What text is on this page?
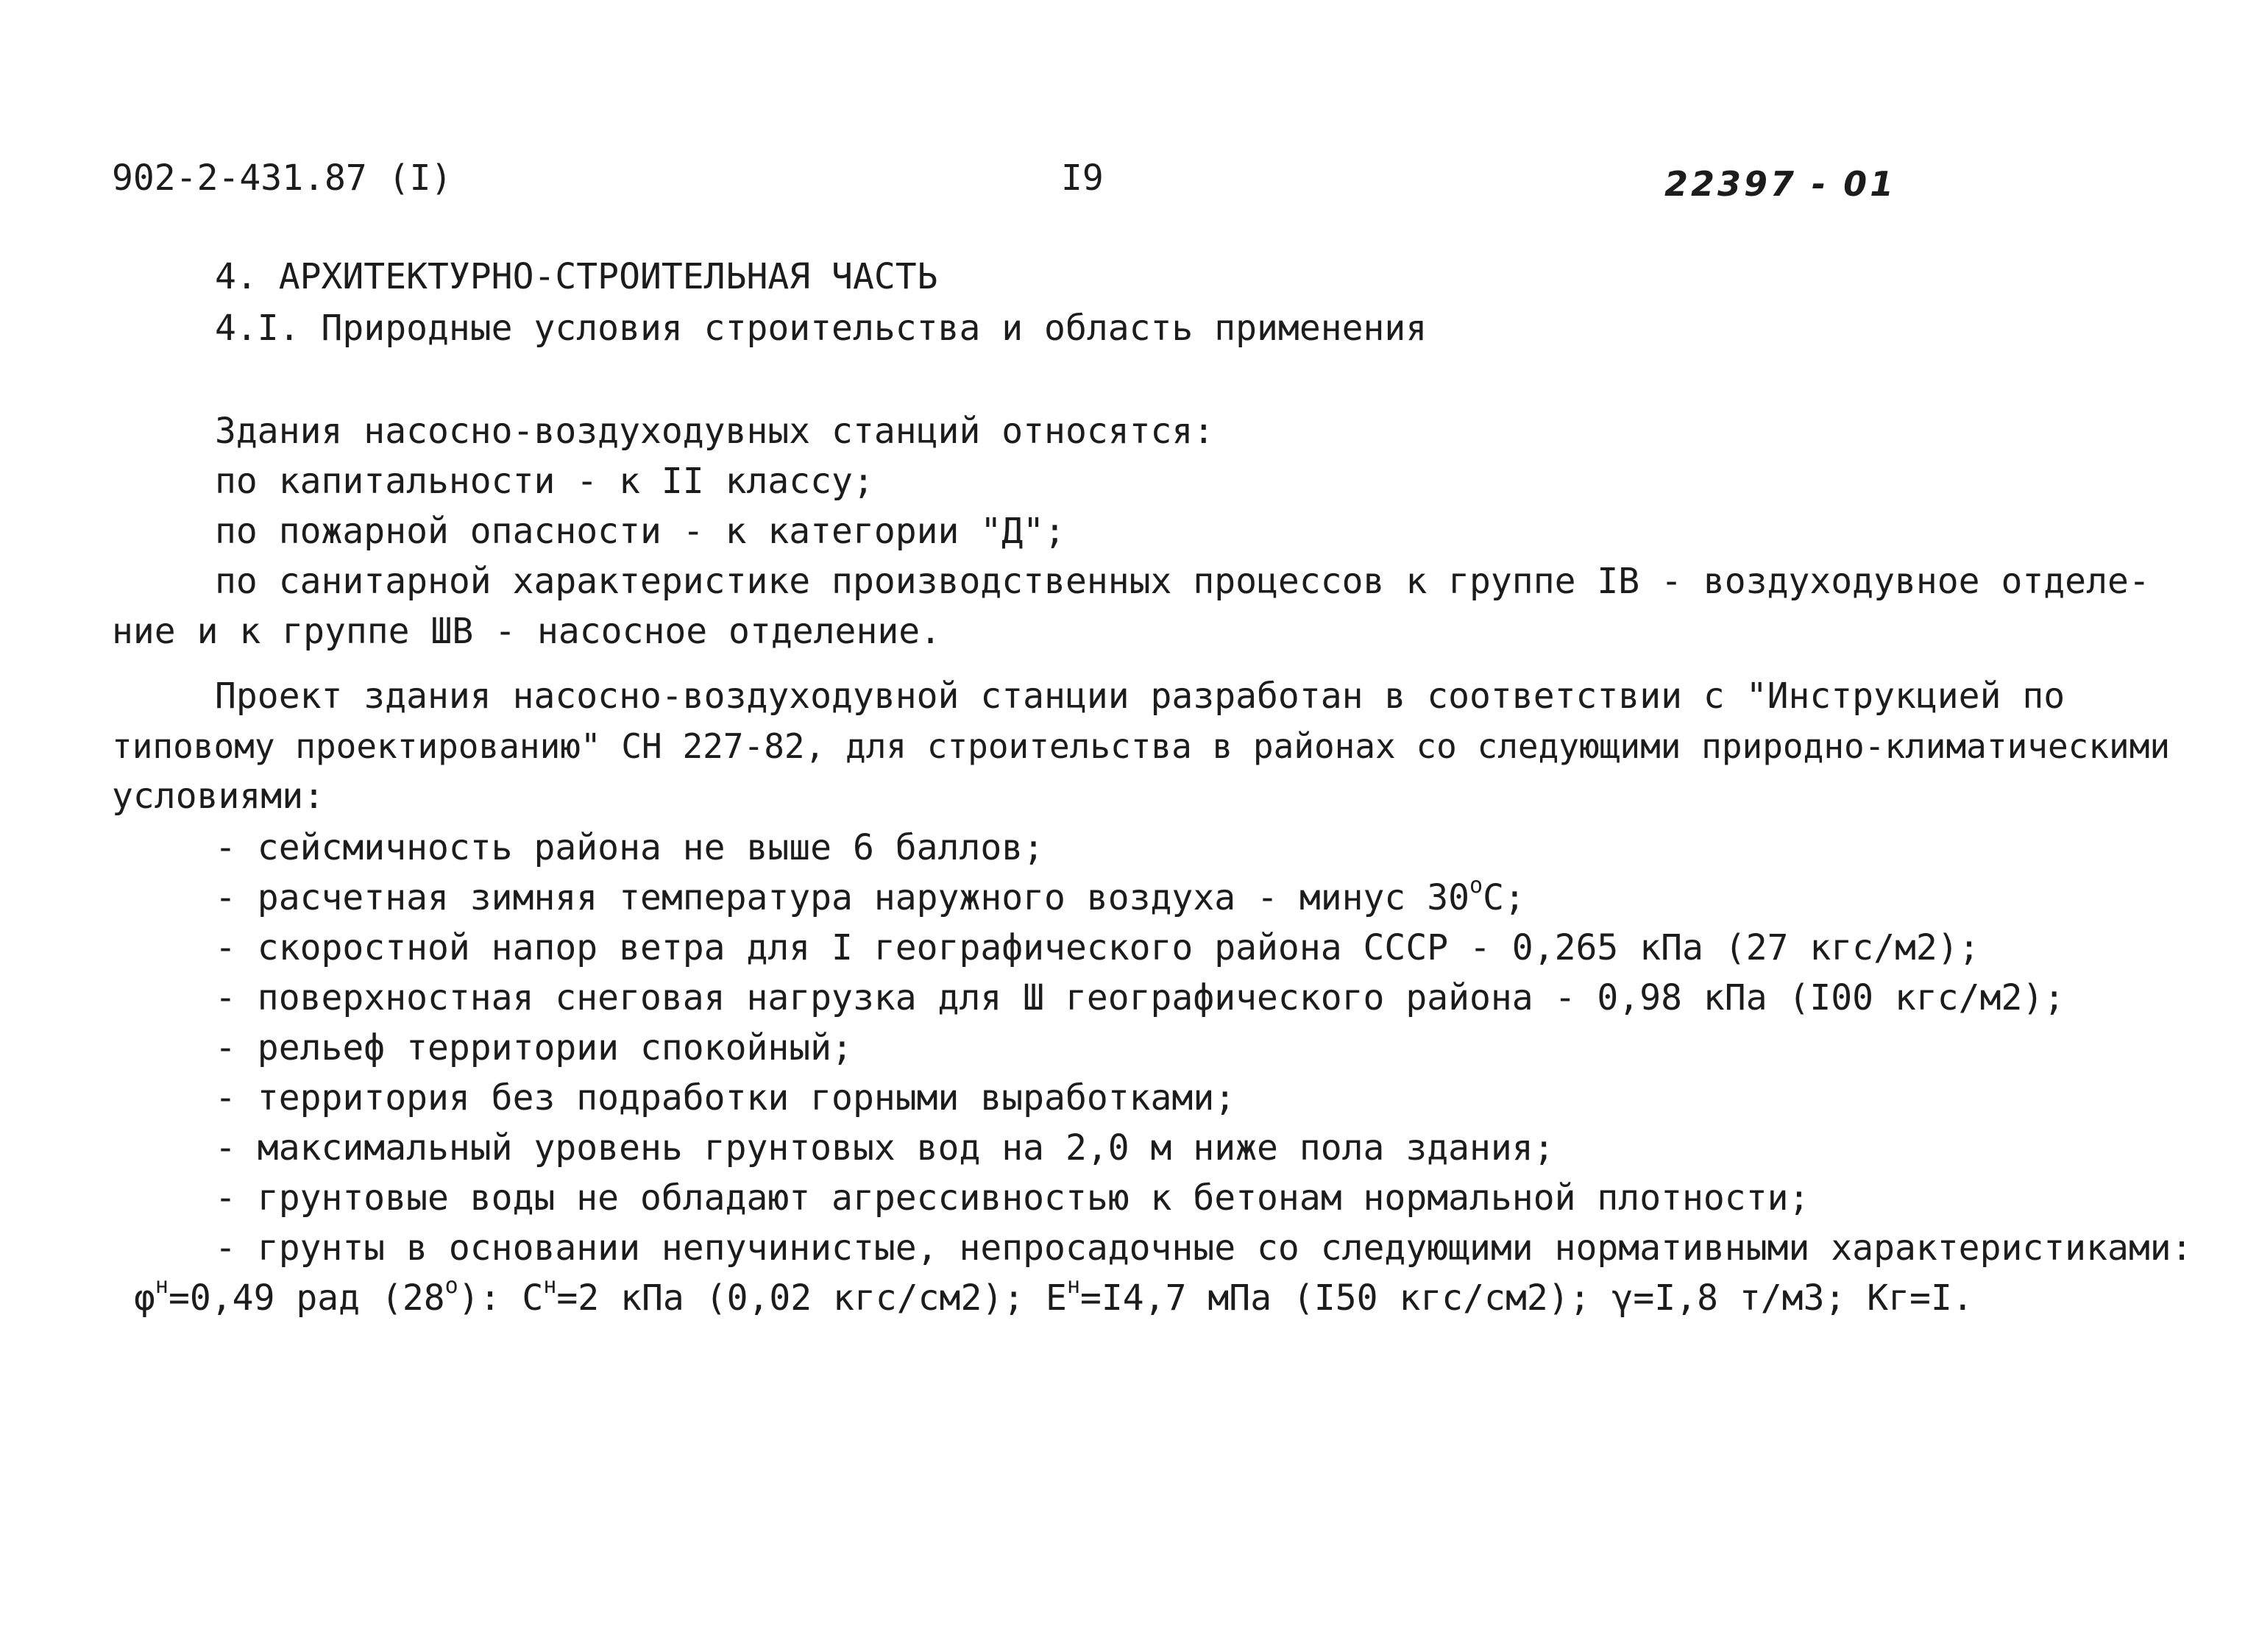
902-2-431.87 (I)	I9	22397 - 01
4. АРХИТЕКТУРНО-СТРОИТЕЛЬНАЯ ЧАСТЬ
4.I. Природные условия строительства и область применения
Здания насосно-воздуходувных станций относятся:
по капитальности - к II классу;
по пожарной опасности - к категории "Д";
по санитарной характеристике производственных процессов к группе IВ - воздуходувное отделе-
ние и к группе ШВ - насосное отделение.
Проект здания насосно-воздуходувной станции разработан в соответствии с "Инструкцией по
типовому проектированию" СН 227-82, для строительства в районах со следующими природно-климатическими
условиями:
- сейсмичность района не выше 6 баллов;
- расчетная зимняя температура наружного воздуха - минус $30^оС$;
- скоростной напор ветра для I географического района СССР - 0,265 кПа (27 кгс/м2);
- поверхностная снеговая нагрузка для Ш географического района - 0,98 кПа (I00 кгс/м2);
- рельеф территории спокойный;
- территория без подработки горными выработками;
- максимальный уровень грунтовых вод на 2,0 м ниже пола здания;
- грунтовые воды не обладают агрессивностью к бетонам нормальной плотности;
- грунты в основании непучинистые, непросадочные со следующими нормативными характеристиками:
$\varphi^н=0,49$ рад $(28^о)$: $С^н=2$ кПа (0,02 кгс/см2); $Е^н=I4,7$ мПа (I50 кгс/см2); γ=I,8 т/м3; Кг=I.
